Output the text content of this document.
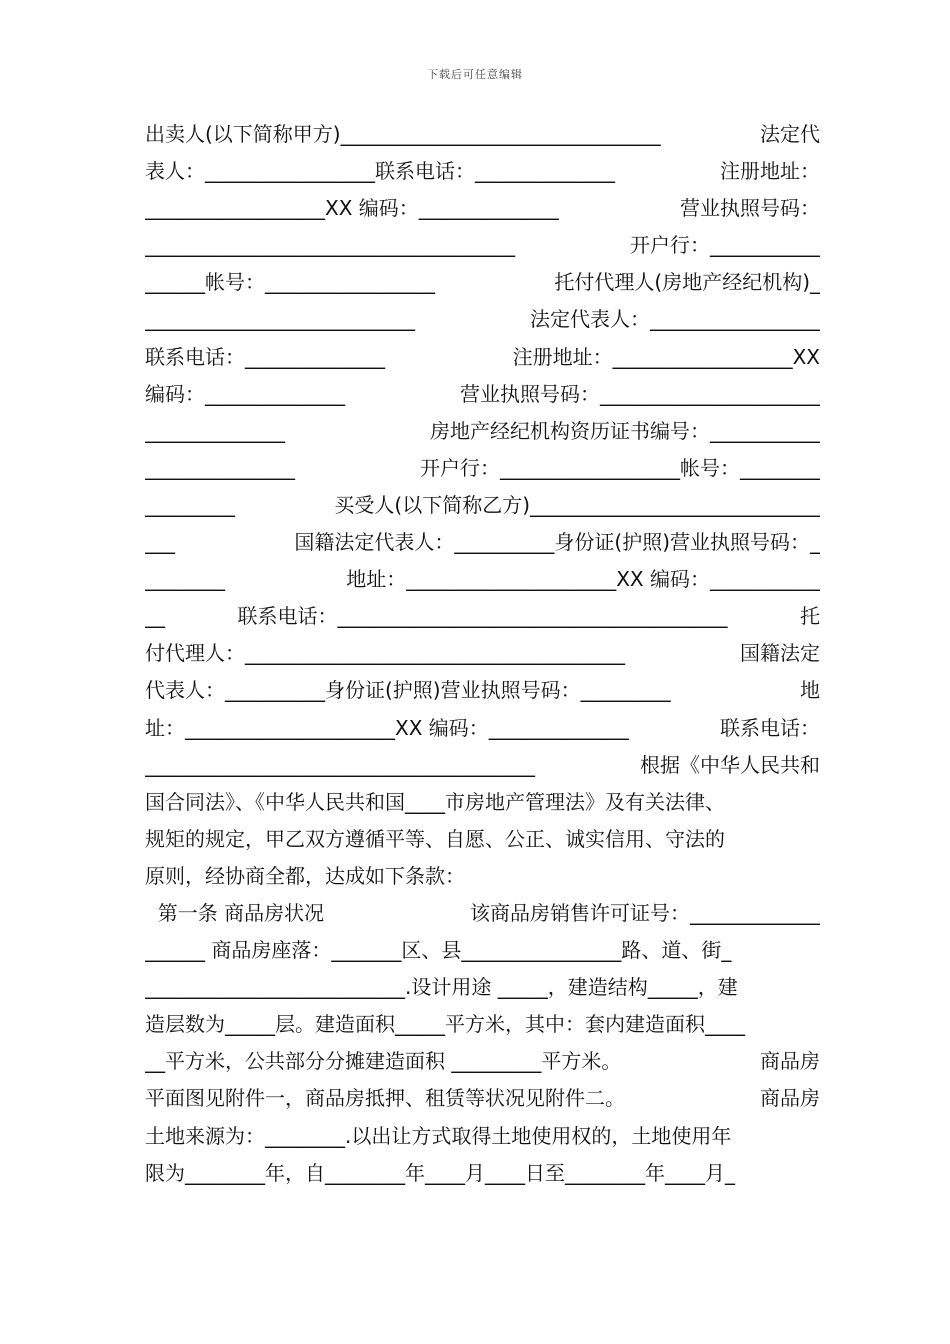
下载后可任意编辑
出卖人(以下简称甲方)________________________________	法定代
表人：_________________联系电话：______________	注册地址：
__________________XX 编码：______________	营业执照号码：
_____________________________________	开户行：___________
______帐号：_________________	托付代理人(房地产经纪机构)_
___________________________	法定代表人：_________________
联系电话：______________	注册地址：__________________XX
编码：______________	营业执照号码：______________________
______________	房地产经纪机构资历证书编号：___________
_______________	开户行：__________________帐号：________
_________	买受人(以下简称乙方)_____________________________
___	国籍法定代表人：__________身份证(护照)营业执照号码：_
________	地址：_____________________XX 编码：___________
__	联系电话：_______________________________________	托
付代理人：______________________________________	国籍法定
代表人：__________身份证(护照)营业执照号码：_________	地
址：_____________________XX 编码：______________	联系电话：
_______________________________________	根据《中华人民共和
国合同法》、《中华人民共和国____市房地产管理法》及有关法律、
规矩的规定，甲乙双方遵循平等、自愿、公正、诚实信用、守法的
原则，经协商全都，达成如下条款：
第一条 商品房状况	该商品房销售许可证号：_____________
______ 商品房座落：_______区、县________________路、道、街_
__________________________.设计用途 _____，建造结构_____，建
造层数为_____层。建造面积_____平方米，其中：套内建造面积____
__平方米，公共部分分摊建造面积 _________平方米。	商品房
平面图见附件一，商品房抵押、租赁等状况见附件二。	商品房
土地来源为：________.以出让方式取得土地使用权的，土地使用年
限为________年，自________年____月____日至________年____月_
